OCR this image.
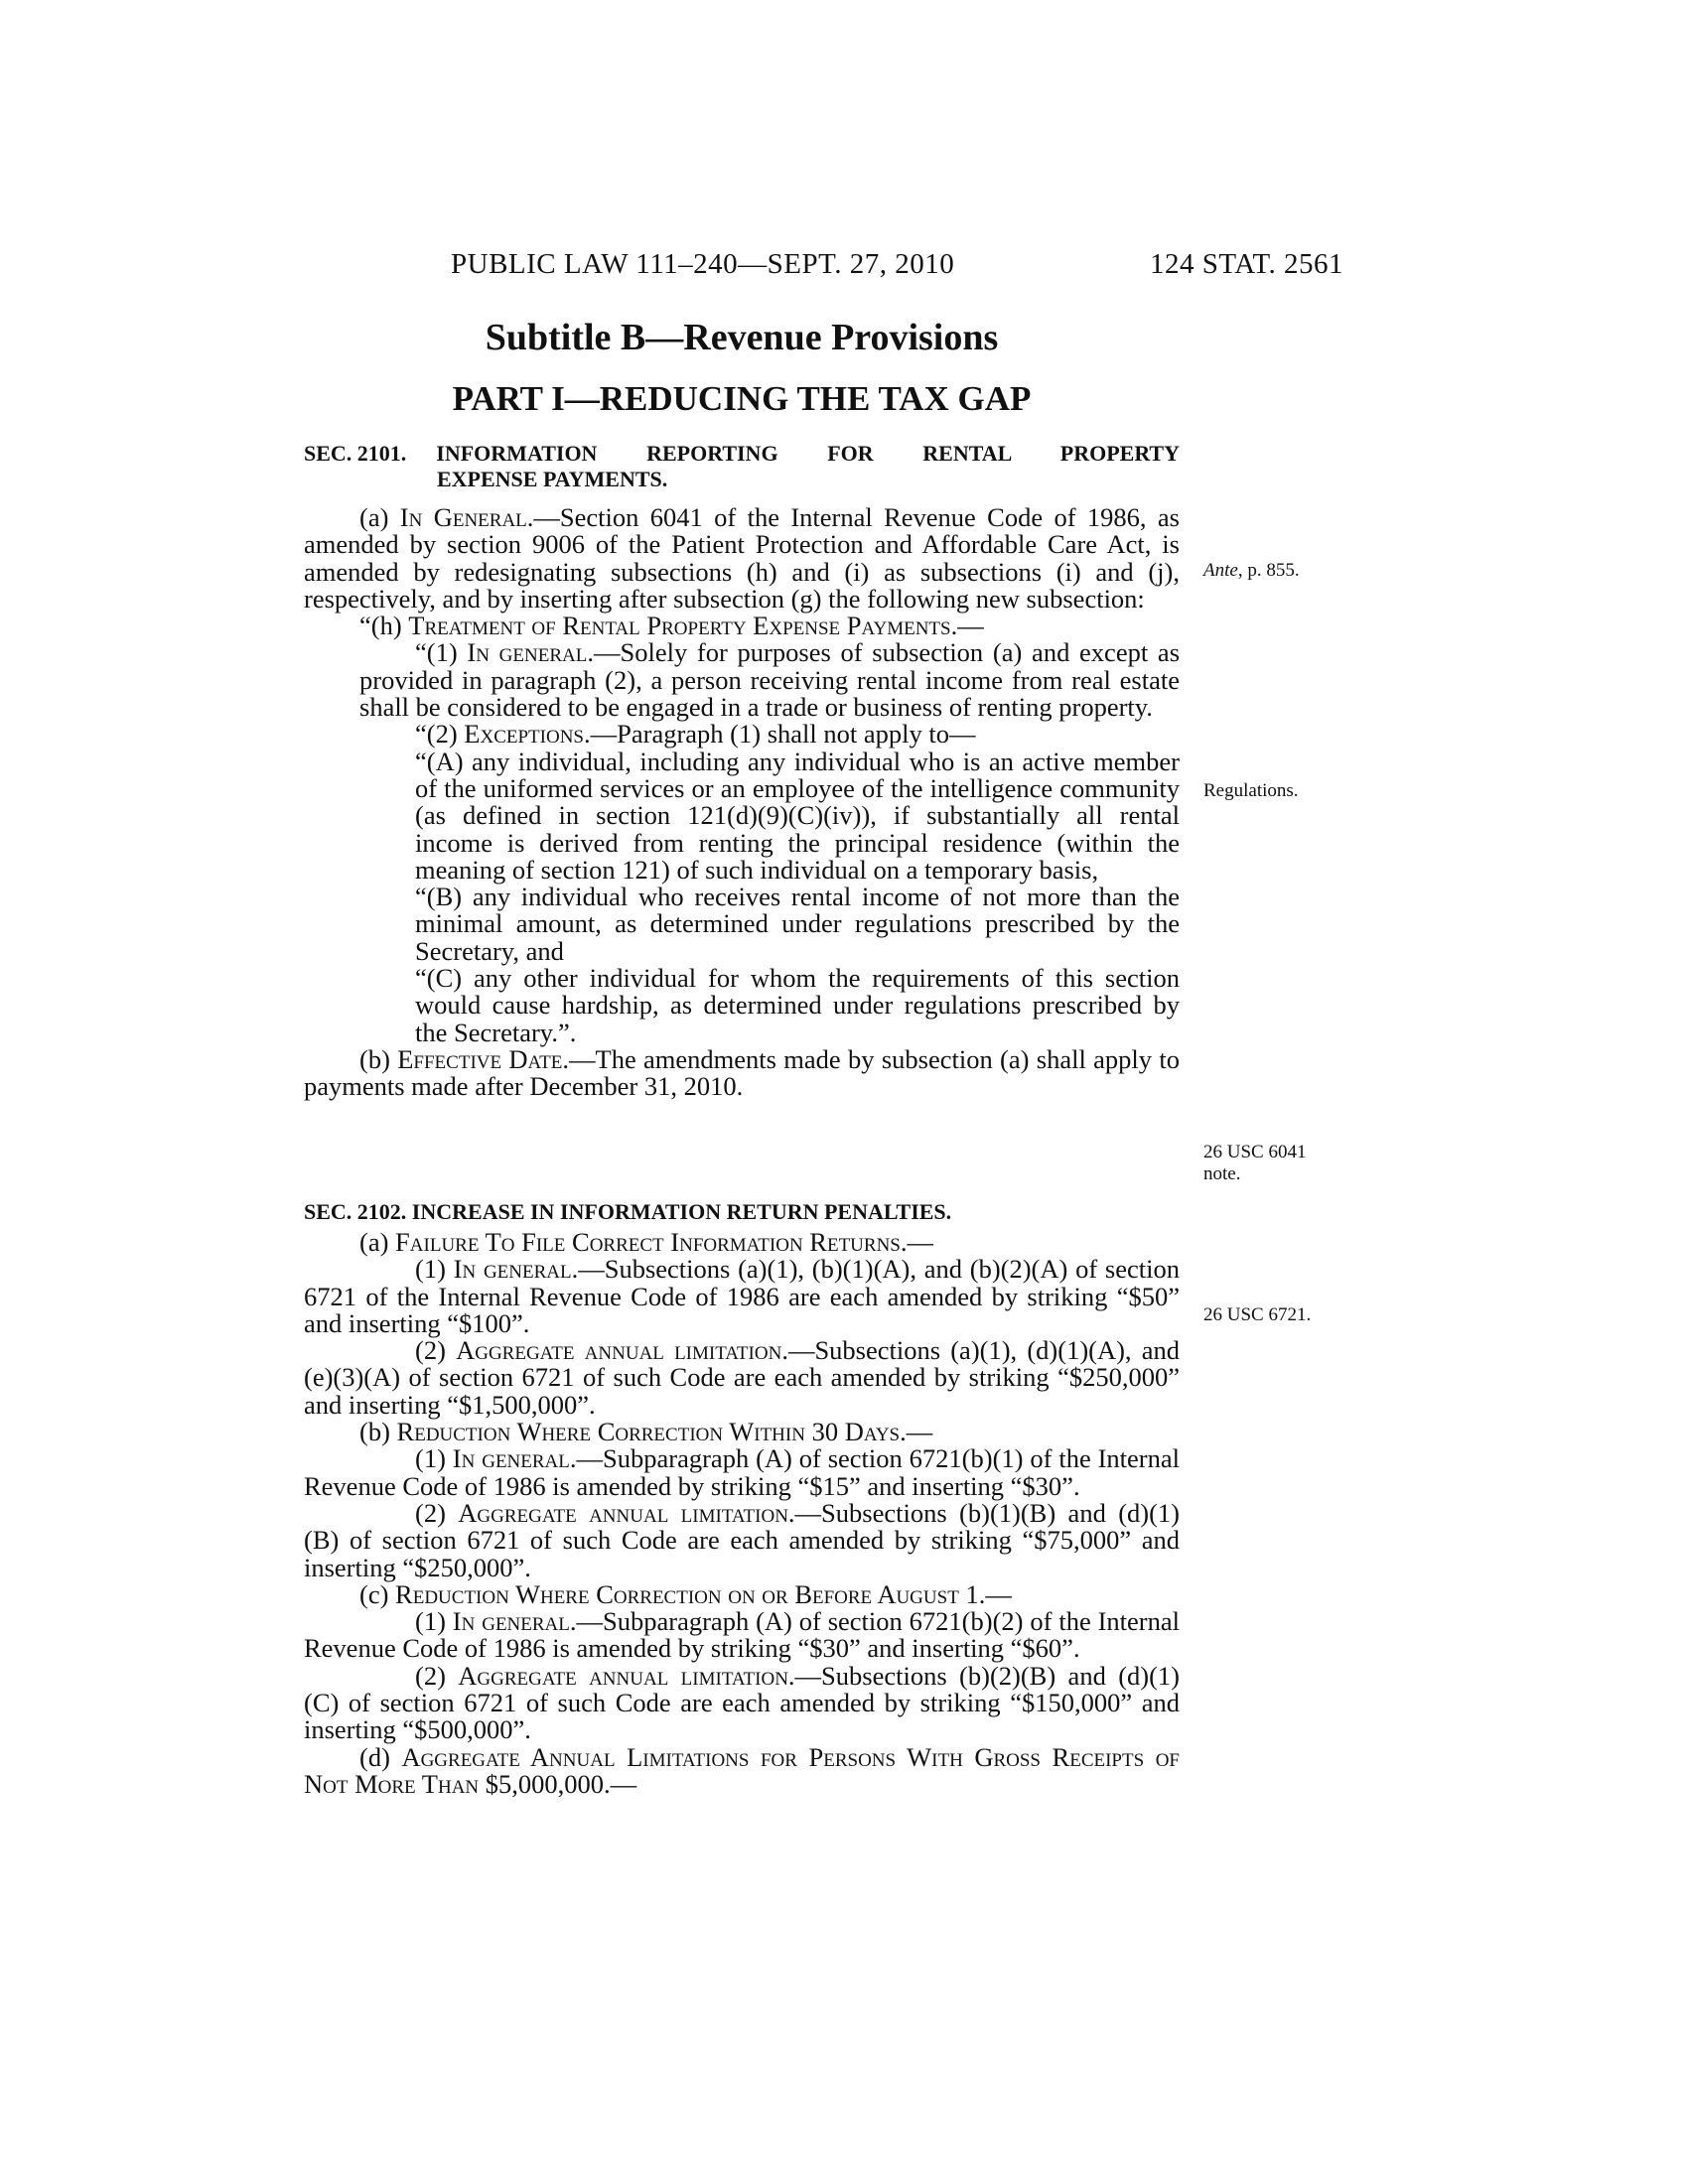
PUBLIC LAW 111–240—SEPT. 27, 2010	124 STAT. 2561
Subtitle B—Revenue Provisions
PART I—REDUCING THE TAX GAP
SEC. 2101. INFORMATION REPORTING FOR RENTAL PROPERTY
EXPENSE PAYMENTS.

(a) In General.—Section 6041 of the Internal Revenue Code of 1986, as amended by section 9006 of the Patient Protection and Affordable Care Act, is amended by redesignating subsections (h) and (i) as subsections (i) and (j), respectively, and by inserting after subsection (g) the following new subsection:

“(h) Treatment of Rental Property Expense Payments.—

“(1) In general.—Solely for purposes of subsection (a) and except as provided in paragraph (2), a person receiving rental income from real estate shall be considered to be engaged in a trade or business of renting property.

“(2) Exceptions.—Paragraph (1) shall not apply to—

“(A) any individual, including any individual who is an active member of the uniformed services or an employee of the intelligence community (as defined in section 121(d)(9)(C)(iv)), if substantially all rental income is derived from renting the principal residence (within the meaning of section 121) of such individual on a temporary basis,

“(B) any individual who receives rental income of not more than the minimal amount, as determined under regulations prescribed by the Secretary, and

“(C) any other individual for whom the requirements of this section would cause hardship, as determined under regulations prescribed by the Secretary.”.

(b) Effective Date.—The amendments made by subsection (a) shall apply to payments made after December 31, 2010.

SEC. 2102. INCREASE IN INFORMATION RETURN PENALTIES.

(a) Failure To File Correct Information Returns.—

(1) In general.—Subsections (a)(1), (b)(1)(A), and (b)(2)(A) of section 6721 of the Internal Revenue Code of 1986 are each amended by striking “$50” and inserting “$100”.

(2) Aggregate annual limitation.—Subsections (a)(1), (d)(1)(A), and (e)(3)(A) of section 6721 of such Code are each amended by striking “$250,000” and inserting “$1,500,000”.

(b) Reduction Where Correction Within 30 Days.—

(1) In general.—Subparagraph (A) of section 6721(b)(1) of the Internal Revenue Code of 1986 is amended by striking “$15” and inserting “$30”.

(2) Aggregate annual limitation.—Subsections (b)(1)(B) and (d)(1)(B) of section 6721 of such Code are each amended by striking “$75,000” and inserting “$250,000”.

(c) Reduction Where Correction on or Before August 1.—

(1) In general.—Subparagraph (A) of section 6721(b)(2) of the Internal Revenue Code of 1986 is amended by striking “$30” and inserting “$60”.

(2) Aggregate annual limitation.—Subsections (b)(2)(B) and (d)(1)(C) of section 6721 of such Code are each amended by striking “$150,000” and inserting “$500,000”.

(d) Aggregate Annual Limitations for Persons With Gross Receipts of Not More Than $5,000,000.—

Ante, p. 855.
Regulations.
26 USC 6041
note.
26 USC 6721.
